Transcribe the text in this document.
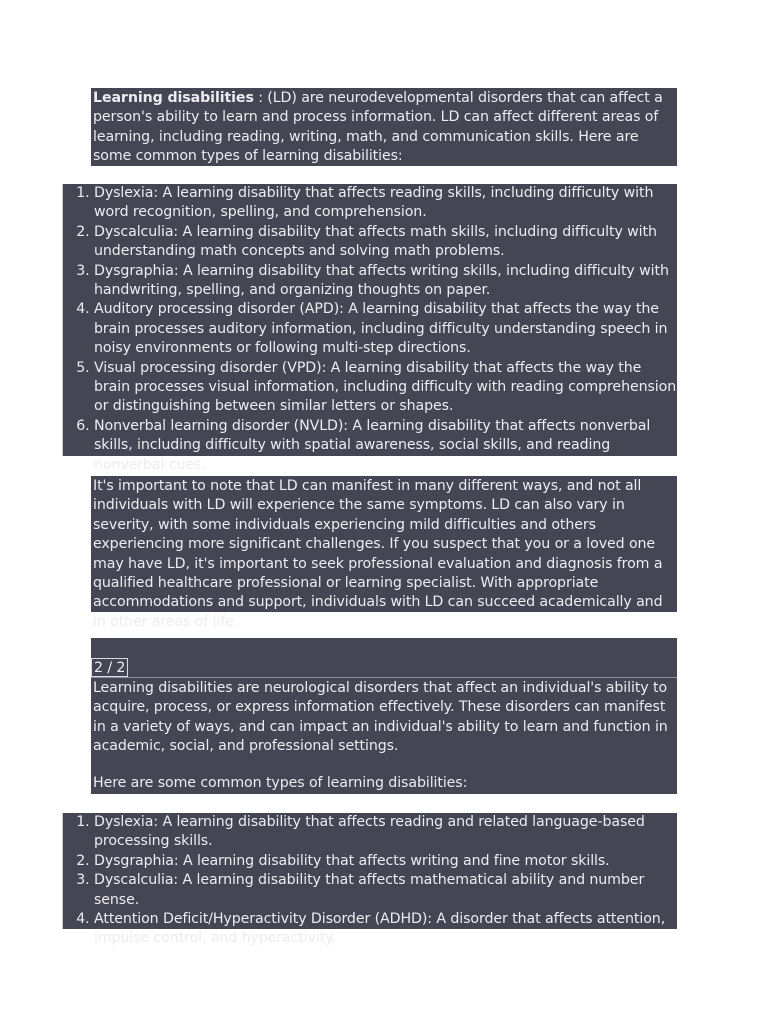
Learning disabilities : (LD) are neurodevelopmental disorders that can affect a person's ability to learn and process information. LD can affect different areas of learning, including reading, writing, math, and communication skills. Here are some common types of learning disabilities:

1. Dyslexia: A learning disability that affects reading skills, including difficulty with word recognition, spelling, and comprehension.
2. Dyscalculia: A learning disability that affects math skills, including difficulty with understanding math concepts and solving math problems.
3. Dysgraphia: A learning disability that affects writing skills, including difficulty with handwriting, spelling, and organizing thoughts on paper.
4. Auditory processing disorder (APD): A learning disability that affects the way the brain processes auditory information, including difficulty understanding speech in noisy environments or following multi-step directions.
5. Visual processing disorder (VPD): A learning disability that affects the way the brain processes visual information, including difficulty with reading comprehension or distinguishing between similar letters or shapes.
6. Nonverbal learning disorder (NVLD): A learning disability that affects nonverbal skills, including difficulty with spatial awareness, social skills, and reading nonverbal cues.

It's important to note that LD can manifest in many different ways, and not all individuals with LD will experience the same symptoms. LD can also vary in severity, with some individuals experiencing mild difficulties and others experiencing more significant challenges. If you suspect that you or a loved one may have LD, it's important to seek professional evaluation and diagnosis from a qualified healthcare professional or learning specialist. With appropriate accommodations and support, individuals with LD can succeed academically and in other areas of life.

2 / 2

Learning disabilities are neurological disorders that affect an individual's ability to acquire, process, or express information effectively. These disorders can manifest in a variety of ways, and can impact an individual's ability to learn and function in academic, social, and professional settings.

Here are some common types of learning disabilities:

1. Dyslexia: A learning disability that affects reading and related language-based processing skills.
2. Dysgraphia: A learning disability that affects writing and fine motor skills.
3. Dyscalculia: A learning disability that affects mathematical ability and number sense.
4. Attention Deficit/Hyperactivity Disorder (ADHD): A disorder that affects attention, impulse control, and hyperactivity.
